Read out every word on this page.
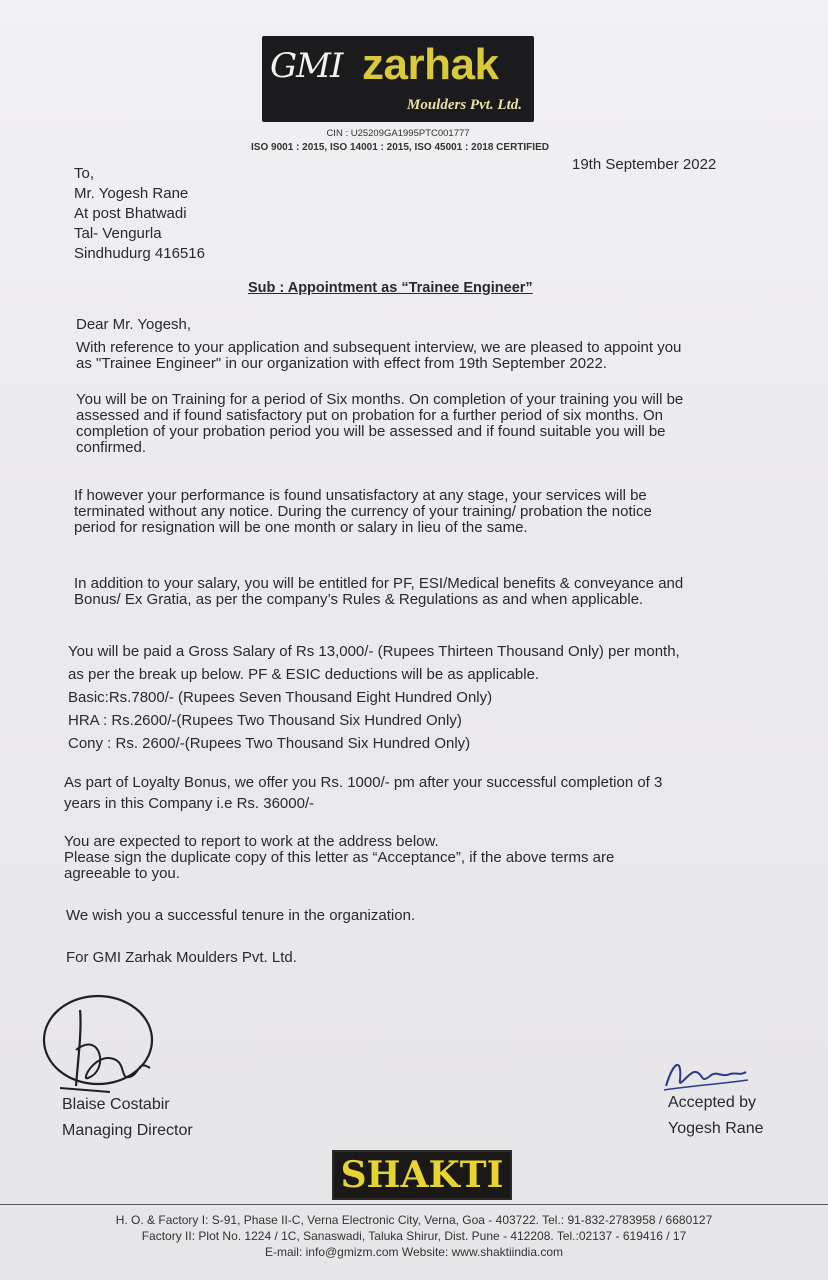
GMI zarhak
Moulders Pvt. Ltd.
CIN : U25209GA1995PTC001777
ISO 9001 : 2015, ISO 14001 : 2015, ISO 45001 : 2018 CERTIFIED
19th September 2022
To,
Mr. Yogesh Rane
At post Bhatwadi
Tal- Vengurla
Sindhudurg 416516
Sub : Appointment as “Trainee Engineer”
Dear Mr. Yogesh,
With reference to your application and subsequent interview, we are pleased to appoint you
as "Trainee Engineer" in our organization with effect from 19th September 2022.
You will be on Training for a period of Six months. On completion of your training you will be
assessed and if found satisfactory put on probation for a further period of six months. On
completion of your probation period you will be assessed and if found suitable you will be
confirmed.
If however your performance is found unsatisfactory at any stage, your services will be
terminated without any notice. During the currency of your training/ probation the notice
period for resignation will be one month or salary in lieu of the same.
In addition to your salary, you will be entitled for PF, ESI/Medical benefits & conveyance and
Bonus/ Ex Gratia, as per the company’s Rules & Regulations as and when applicable.
You will be paid a Gross Salary of Rs 13,000/- (Rupees Thirteen Thousand Only) per month,
as per the break up below. PF & ESIC deductions will be as applicable.
Basic:Rs.7800/- (Rupees Seven Thousand Eight Hundred Only)
HRA : Rs.2600/-(Rupees Two Thousand Six Hundred Only)
Cony : Rs. 2600/-(Rupees Two Thousand Six Hundred Only)
As part of Loyalty Bonus, we offer you Rs. 1000/- pm after your successful completion of 3
years in this Company i.e Rs. 36000/-
You are expected to report to work at the address below.
Please sign the duplicate copy of this letter as “Acceptance”, if the above terms are
agreeable to you.
We wish you a successful tenure in the organization.
For GMI Zarhak Moulders Pvt. Ltd.
Blaise Costabir
Managing Director
Accepted by
Yogesh Rane
SHAKTI
H. O. & Factory I: S-91, Phase II-C, Verna Electronic City, Verna, Goa - 403722. Tel.: 91-832-2783958 / 6680127
Factory II: Plot No. 1224 / 1C, Sanaswadi, Taluka Shirur, Dist. Pune - 412208. Tel.:02137 - 619416 / 17
E-mail: info@gmizm.com Website: www.shaktiindia.com
